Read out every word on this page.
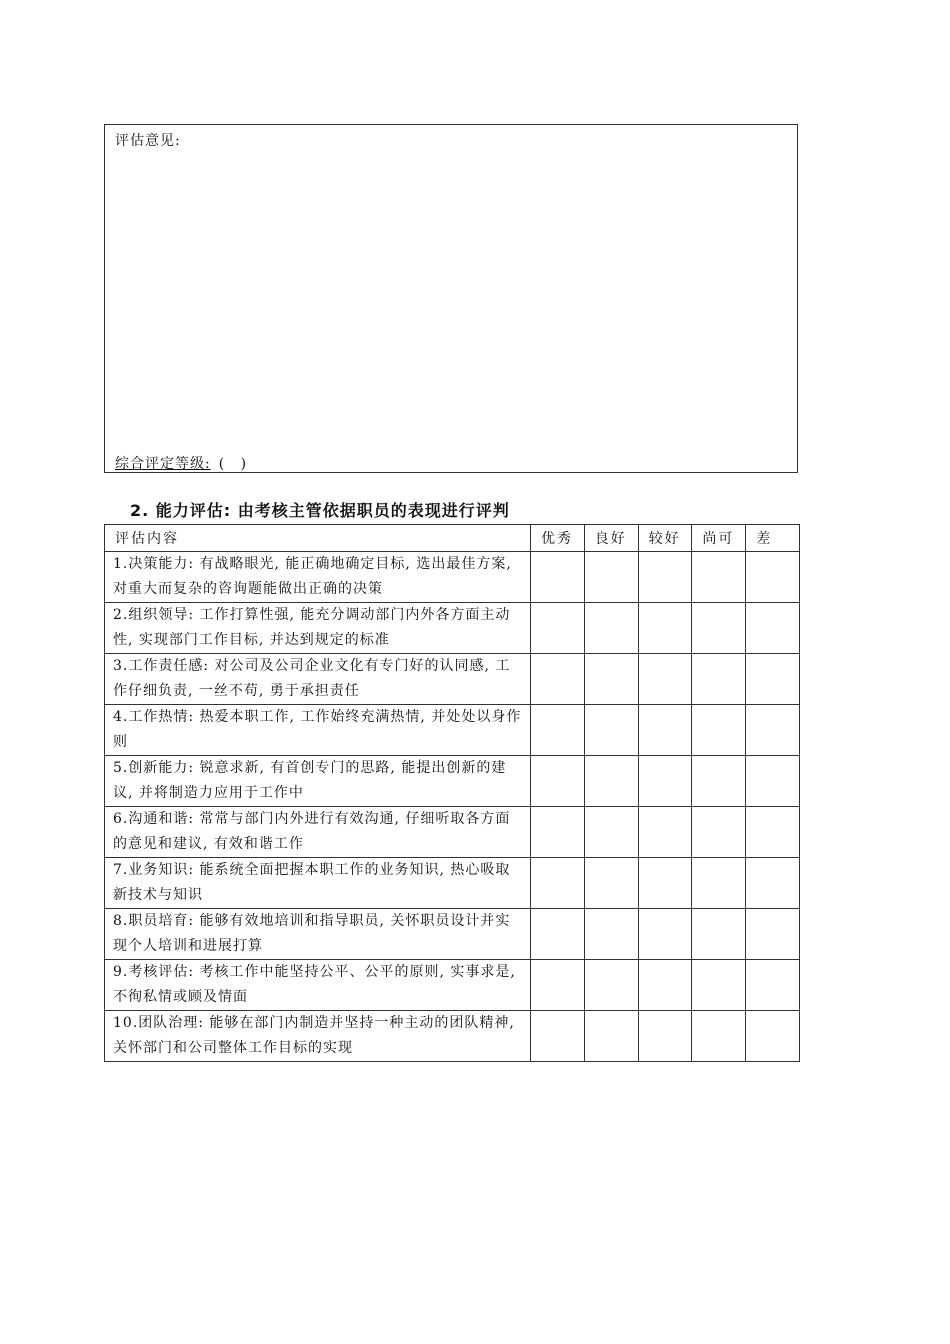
评估意见:
综合评定等级: ( )
2. 能力评估: 由考核主管依据职员的表现进行评判
评估内容	优秀	良好	较好	尚可	差
1.决策能力: 有战略眼光, 能正确地确定目标, 选出最佳方案, 对重大而复杂的咨询题能做出正确的决策					
2.组织领导: 工作打算性强, 能充分调动部门内外各方面主动性, 实现部门工作目标, 并达到规定的标准					
3.工作责任感: 对公司及公司企业文化有专门好的认同感, 工作仔细负责, 一丝不苟, 勇于承担责任					
4.工作热情: 热爱本职工作, 工作始终充满热情, 并处处以身作则					
5.创新能力: 锐意求新, 有首创专门的思路, 能提出创新的建议, 并将制造力应用于工作中					
6.沟通和谐: 常常与部门内外进行有效沟通, 仔细听取各方面的意见和建议, 有效和谐工作					
7.业务知识: 能系统全面把握本职工作的业务知识, 热心吸取新技术与知识					
8.职员培育: 能够有效地培训和指导职员, 关怀职员设计并实现个人培训和进展打算					
9.考核评估: 考核工作中能坚持公平、公平的原则, 实事求是, 不徇私情或顾及情面					
10.团队治理: 能够在部门内制造并坚持一种主动的团队精神, 关怀部门和公司整体工作目标的实现					
